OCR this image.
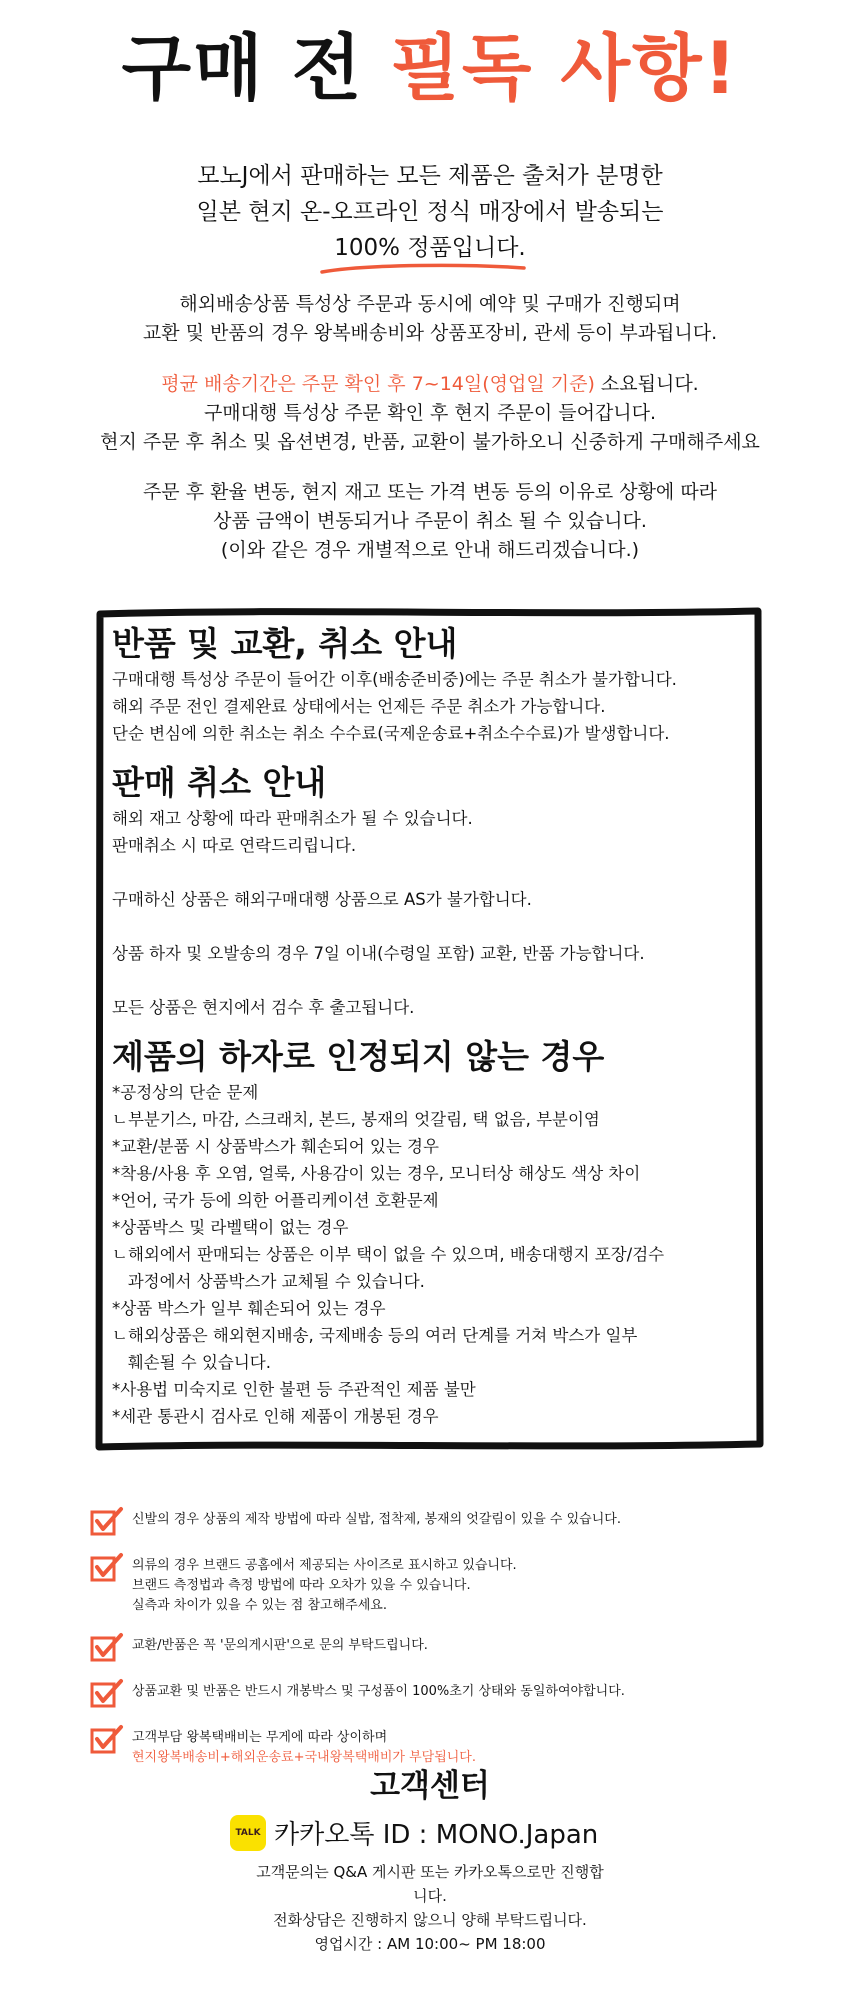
구매 전 필독 사항!
모노J에서 판매하는 모든 제품은 출처가 분명한
일본 현지 온-오프라인 정식 매장에서 발송되는
100% 정품입니다.
해외배송상품 특성상 주문과 동시에 예약 및 구매가 진행되며
교환 및 반품의 경우 왕복배송비와 상품포장비, 관세 등이 부과됩니다.
평균 배송기간은 주문 확인 후 7~14일(영업일 기준) 소요됩니다.
구매대행 특성상 주문 확인 후 현지 주문이 들어갑니다.
현지 주문 후 취소 및 옵션변경, 반품, 교환이 불가하오니 신중하게 구매해주세요
주문 후 환율 변동, 현지 재고 또는 가격 변동 등의 이유로 상황에 따라
상품 금액이 변동되거나 주문이 취소 될 수 있습니다.
(이와 같은 경우 개별적으로 안내 해드리겠습니다.)
반품 및 교환, 취소 안내

구매대행 특성상 주문이 들어간 이후(배송준비중)에는 주문 취소가 불가합니다.
해외 주문 전인 결제완료 상태에서는 언제든 주문 취소가 가능합니다.
단순 변심에 의한 취소는 취소 수수료(국제운송료+취소수수료)가 발생합니다.

판매 취소 안내

해외 재고 상황에 따라 판매취소가 될 수 있습니다.
판매취소 시 따로 연락드리립니다.

구매하신 상품은 해외구매대행 상품으로 AS가 불가합니다.

상품 하자 및 오발송의 경우 7일 이내(수령일 포함) 교환, 반품 가능합니다.

모든 상품은 현지에서 검수 후 출고됩니다.

제품의 하자로 인정되지 않는 경우

*공정상의 단순 문제
ㄴ부분기스, 마감, 스크래치, 본드, 봉재의 엇갈림, 택 없음, 부분이염
*교환/분품 시 상품박스가 훼손되어 있는 경우
*착용/사용 후 오염, 얼룩, 사용감이 있는 경우, 모니터상 해상도 색상 차이
*언어, 국가 등에 의한 어플리케이션 호환문제
*상품박스 및 라벨택이 없는 경우
ㄴ해외에서 판매되는 상품은 이부 택이 없을 수 있으며, 배송대행지 포장/검수
과정에서 상품박스가 교체될 수 있습니다.
*상품 박스가 일부 훼손되어 있는 경우
ㄴ해외상품은 해외현지배송, 국제배송 등의 여러 단계를 거쳐 박스가 일부
훼손될 수 있습니다.
*사용법 미숙지로 인한 불편 등 주관적인 제품 불만
*세관 통관시 검사로 인해 제품이 개봉된 경우

신발의 경우 상품의 제작 방법에 따라 실밥, 접착제, 봉재의 엇갈림이 있을 수 있습니다.
의류의 경우 브랜드 공홈에서 제공되는 사이즈로 표시하고 있습니다.
브랜드 측정법과 측정 방법에 따라 오차가 있을 수 있습니다.
실측과 차이가 있을 수 있는 점 참고해주세요.
교환/반품은 꼭 '문의게시판'으로 문의 부탁드립니다.
상품교환 및 반품은 반드시 개봉박스 및 구성품이 100%초기 상태와 동일하여야합니다.
고객부담 왕복택배비는 무게에 따라 상이하며
현지왕복배송비+해외운송료+국내왕복택배비가 부담됩니다.
고객센터
TALK 카카오톡 ID : MONO.Japan
고객문의는 Q&A 게시판 또는 카카오톡으로만 진행합니다.
전화상담은 진행하지 않으니 양해 부탁드립니다.
영업시간 : AM 10:00~ PM 18:00
